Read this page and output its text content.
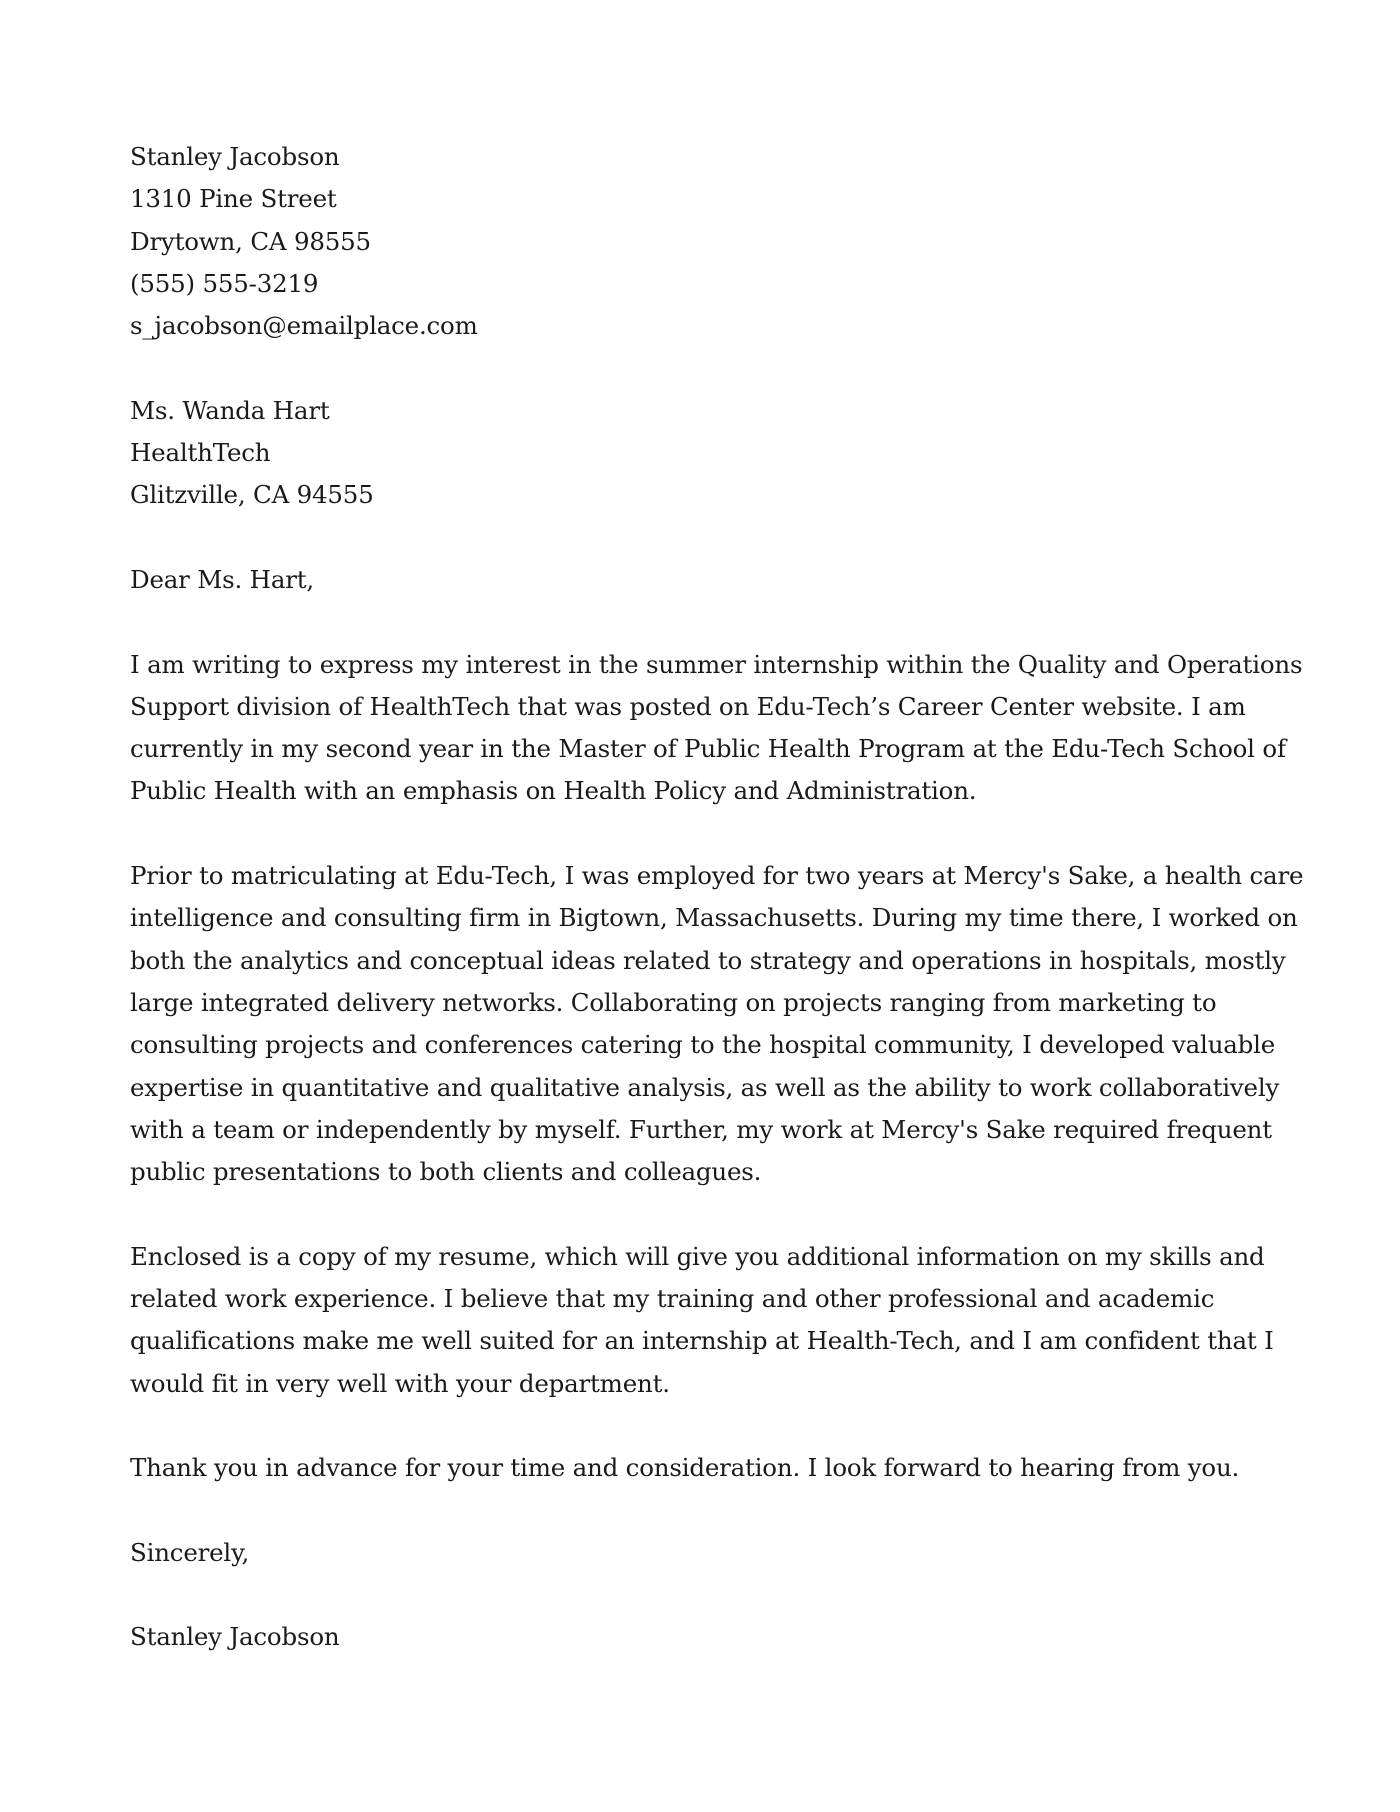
Stanley Jacobson
1310 Pine Street
Drytown, CA 98555
(555) 555-3219
s_jacobson@emailplace.com
Ms. Wanda Hart
HealthTech
Glitzville, CA 94555
Dear Ms. Hart,
I am writing to express my interest in the summer internship within the Quality and Operations
Support division of HealthTech that was posted on Edu-Tech’s Career Center website. I am
currently in my second year in the Master of Public Health Program at the Edu-Tech School of
Public Health with an emphasis on Health Policy and Administration.
Prior to matriculating at Edu-Tech, I was employed for two years at Mercy's Sake, a health care
intelligence and consulting firm in Bigtown, Massachusetts. During my time there, I worked on
both the analytics and conceptual ideas related to strategy and operations in hospitals, mostly
large integrated delivery networks. Collaborating on projects ranging from marketing to
consulting projects and conferences catering to the hospital community, I developed valuable
expertise in quantitative and qualitative analysis, as well as the ability to work collaboratively
with a team or independently by myself. Further, my work at Mercy's Sake required frequent
public presentations to both clients and colleagues.
Enclosed is a copy of my resume, which will give you additional information on my skills and
related work experience. I believe that my training and other professional and academic
qualifications make me well suited for an internship at Health-Tech, and I am confident that I
would fit in very well with your department.
Thank you in advance for your time and consideration. I look forward to hearing from you.
Sincerely,
Stanley Jacobson
